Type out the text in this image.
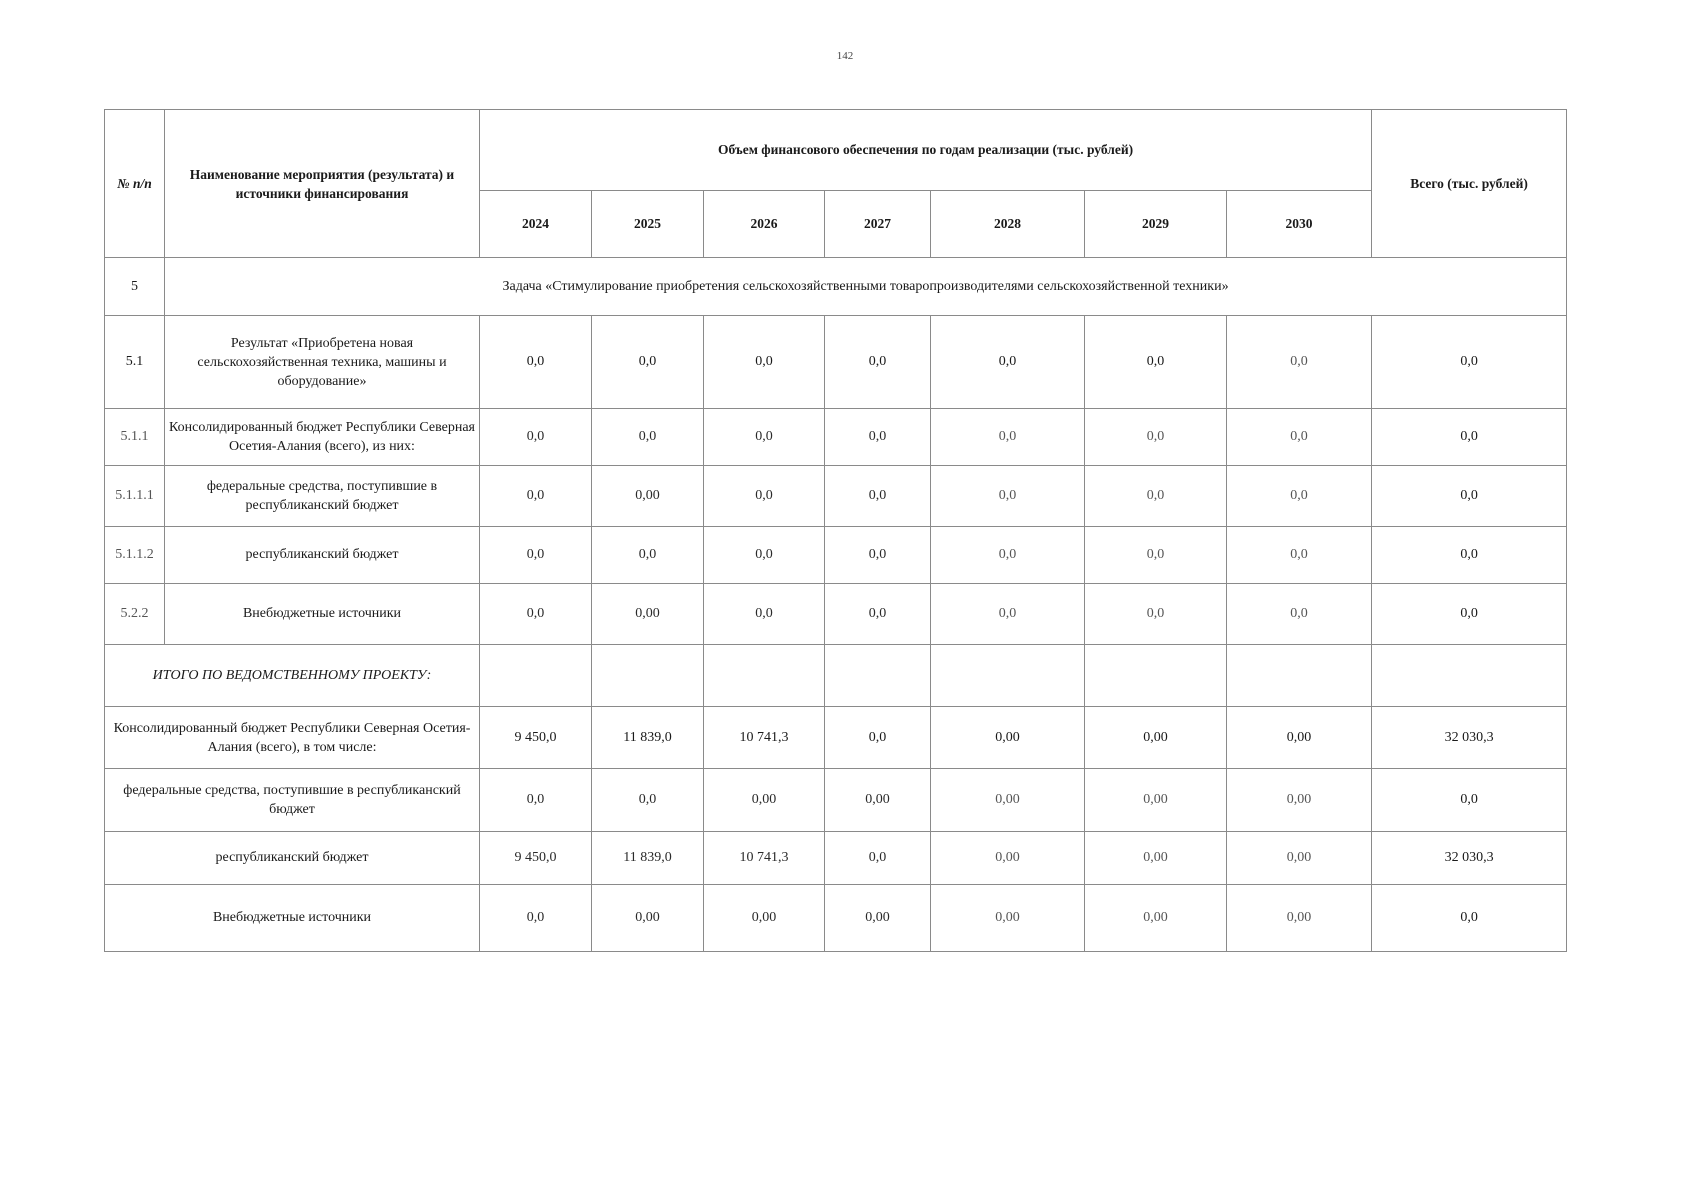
142
№ п/п	Наименование мероприятия (результата) и источники финансирования	Объем финансового обеспечения по годам реализации (тыс. рублей)							Всего (тыс. рублей)
		2024	2025	2026	2027	2028	2029	2030	
5	Задача «Стимулирование приобретения сельскохозяйственными товаропроизводителями сельскохозяйственной техники»								
5.1	Результат «Приобретена новая сельскохозяйственная техника, машины и оборудование»	0,0	0,0	0,0	0,0	0,0	0,0	0,0	0,0
5.1.1	Консолидированный бюджет Республики Северная Осетия-Алания (всего), из них:	0,0	0,0	0,0	0,0	0,0	0,0	0,0	0,0
5.1.1.1	федеральные средства, поступившие в республиканский бюджет	0,0	0,00	0,0	0,0	0,0	0,0	0,0	0,0
5.1.1.2	республиканский бюджет	0,0	0,0	0,0	0,0	0,0	0,0	0,0	0,0
5.2.2	Внебюджетные источники	0,0	0,00	0,0	0,0	0,0	0,0	0,0	0,0
ИТОГО ПО ВЕДОМСТВЕННОМУ ПРОЕКТУ:									
Консолидированный бюджет Республики Северная Осетия-Алания (всего), в том числе:		9 450,0	11 839,0	10 741,3	0,0	0,00	0,00	0,00	32 030,3
федеральные средства, поступившие в республиканский бюджет		0,0	0,0	0,00	0,00	0,00	0,00	0,00	0,0
республиканский бюджет		9 450,0	11 839,0	10 741,3	0,0	0,00	0,00	0,00	32 030,3
Внебюджетные источники		0,0	0,00	0,00	0,00	0,00	0,00	0,00	0,0
